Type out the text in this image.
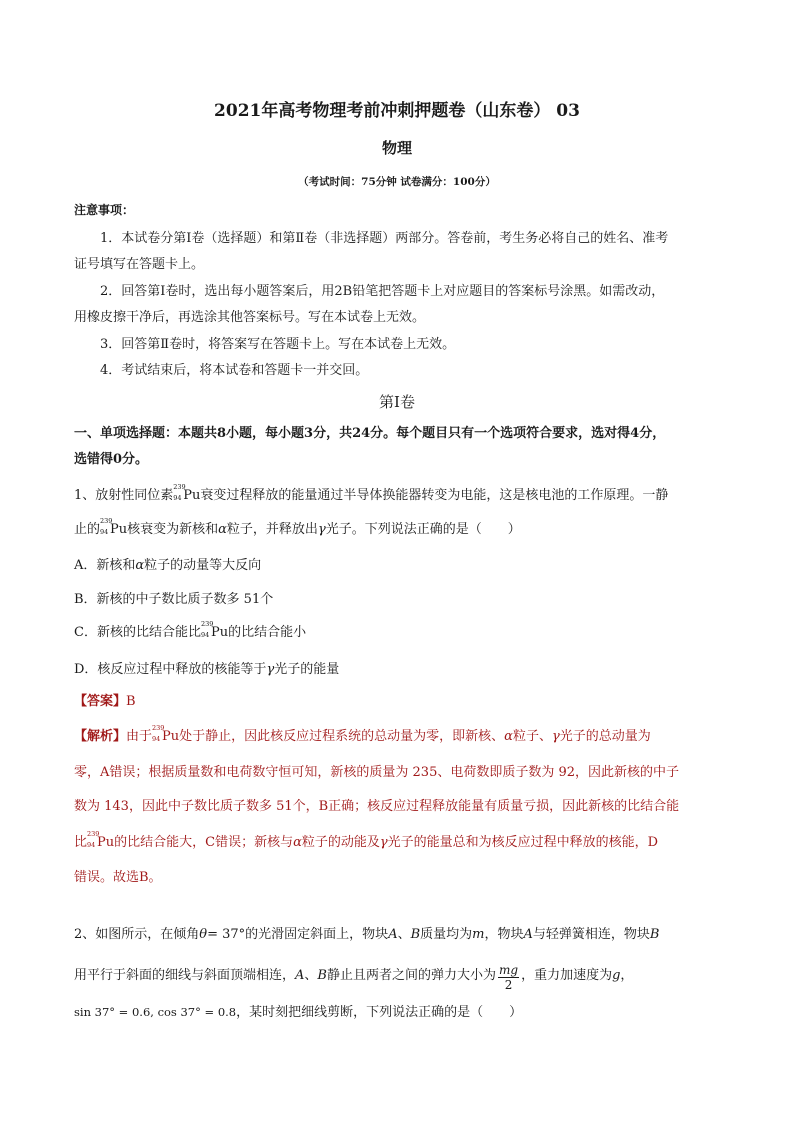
2021年高考物理考前冲刺押题卷（山东卷） 03
物理
（考试时间：75分钟 试卷满分：100分）
注意事项：
1．本试卷分第Ⅰ卷（选择题）和第Ⅱ卷（非选择题）两部分。答卷前，考生务必将自己的姓名、准考
证号填写在答题卡上。
2．回答第Ⅰ卷时，选出每小题答案后，用2B铅笔把答题卡上对应题目的答案标号涂黑。如需改动，
用橡皮擦干净后，再选涂其他答案标号。写在本试卷上无效。
3．回答第Ⅱ卷时，将答案写在答题卡上。写在本试卷上无效。
4．考试结束后，将本试卷和答题卡一并交回。
第Ⅰ卷
一、单项选择题：本题共8小题，每小题3分，共24分。每个题目只有一个选项符合要求，选对得4分，
选错得0分。
1、放射性同位素
239
94 Pu衰变过程释放的能量通过半导体换能器转变为电能，这是核电池的工作原理。一静
止的
239
94 Pu核衰变为新核和α粒子，并释放出γ光子。下列说法正确的是（　　）
A．新核和α粒子的动量等大反向
B．新核的中子数比质子数多 51个
C．新核的比结合能比
239
94 Pu的比结合能小
D．核反应过程中释放的核能等于γ光子的能量
【答案】B
【解析】由于
239
94 Pu处于静止，因此核反应过程系统的总动量为零，即新核、α粒子、γ光子的总动量为
零，A错误；根据质量数和电荷数守恒可知，新核的质量为 235、电荷数即质子数为 92，因此新核的中子
数为 143，因此中子数比质子数多 51个，B正确；核反应过程释放能量有质量亏损，因此新核的比结合能
比
239
94 Pu的比结合能大，C错误；新核与α粒子的动能及γ光子的能量总和为核反应过程中释放的核能，D
错误。故选B。
2、如图所示，在倾角θ= 37°的光滑固定斜面上，物块A、B质量均为m，物块A与轻弹簧相连，物块B
用平行于斜面的细线与斜面顶端相连，A、B静止且两者之间的弹力大小为 $\frac{mg}{2}$ ，重力加速度为g，
sin 37° = 0.6, cos 37° = 0.8，某时刻把细线剪断，下列说法正确的是（　　）
